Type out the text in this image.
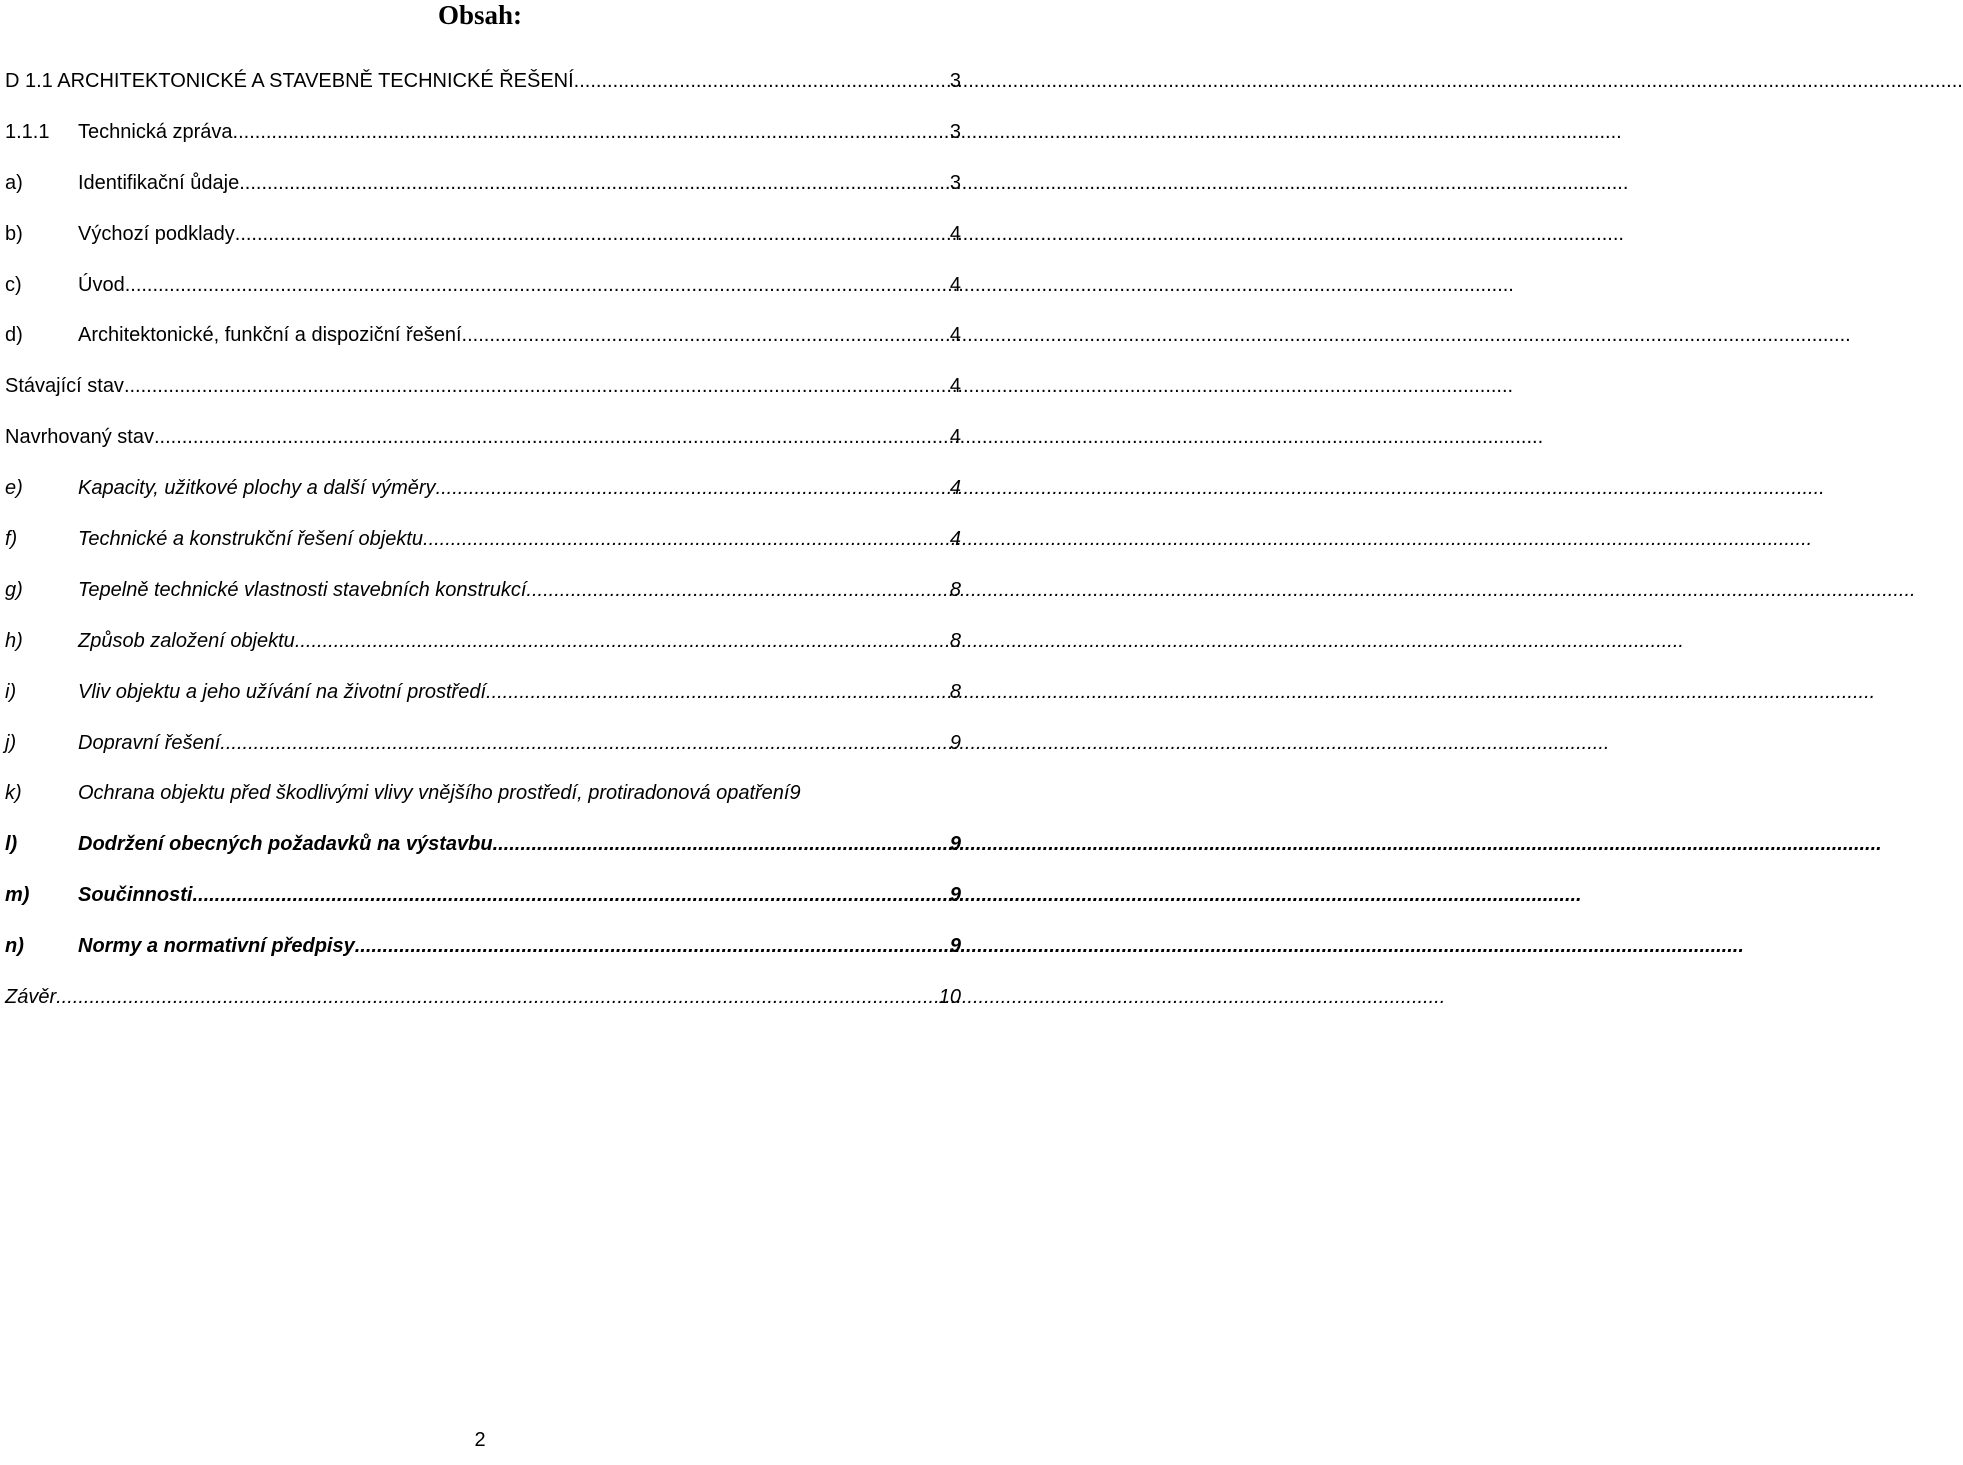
Obsah:
D 1.1 ARCHITEKTONICKÉ A STAVEBNĚ TECHNICKÉ ŘEŠENÍ .....	3
1.1.1	Technická zpráva .....	3
a)	Identifikační ůdaje .....	3
b)	Výchozí podklady .....	4
c)	Úvod .....	4
d)	Architektonické, funkční a dispoziční řešení .....	4
Stávající stav .....	4
Navrhovaný stav .....	4
e)	Kapacity, užitkové plochy a další výměry .....	4
f)	Technické a konstrukční řešení objektu .....	4
g)	Tepelně technické vlastnosti stavebních konstrukcí .....	8
h)	Způsob založení objektu .....	8
i)	Vliv objektu a jeho užívání na životní prostředí .....	8
j)	Dopravní řešení .....	9
k)	Ochrana objektu před škodlivými vlivy vnějšího prostředí, protiradonová opatření 9
l)	Dodržení obecných požadavků na výstavbu .....	9
m)	Součinnosti .....	9
n)	Normy a normativní předpisy .....	9
Závěr .....	10
2
